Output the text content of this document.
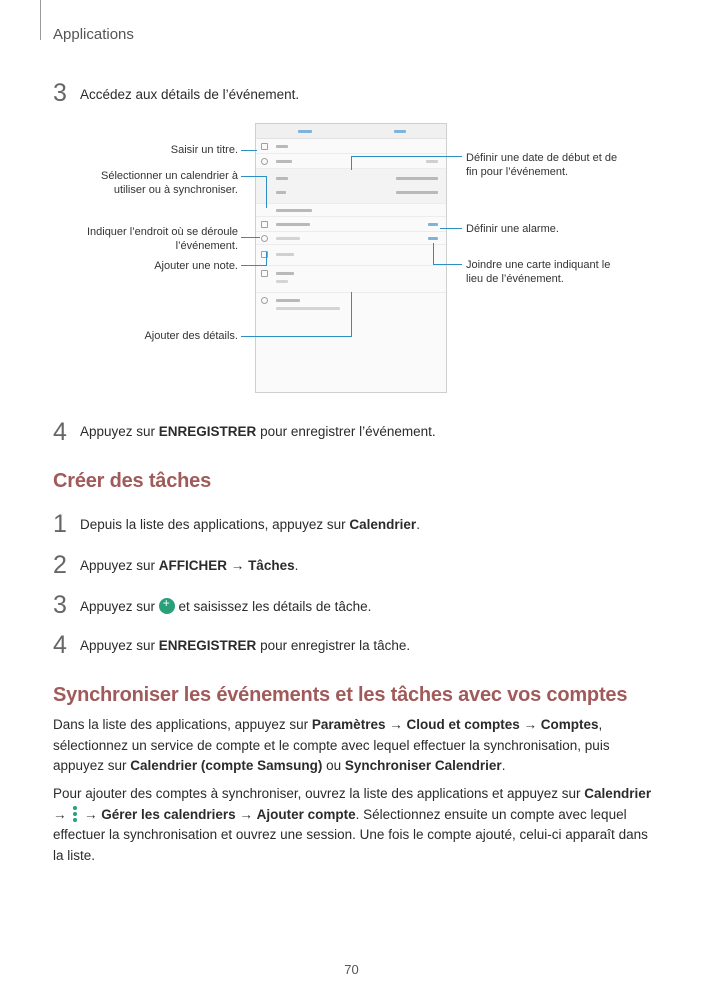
Applications
3 Accédez aux détails de l’événement.
Saisir un titre.
Sélectionner un calendrier à
utiliser ou à synchroniser.
Indiquer l’endroit où se déroule
l’événement.
Ajouter une note.
Ajouter des détails.
Définir une date de début et de
fin pour l’événement.
Définir une alarme.
Joindre une carte indiquant le
lieu de l’événement.
4 Appuyez sur ENREGISTRER pour enregistrer l’événement.
Créer des tâches
1 Depuis la liste des applications, appuyez sur Calendrier.
2 Appuyez sur AFFICHER → Tâches.
3 Appuyez sur + et saisissez les détails de tâche.
4 Appuyez sur ENREGISTRER pour enregistrer la tâche.
Synchroniser les événements et les tâches avec vos comptes
Dans la liste des applications, appuyez sur Paramètres → Cloud et comptes → Comptes, sélectionnez un service de compte et le compte avec lequel effectuer la synchronisation, puis appuyez sur Calendrier (compte Samsung) ou Synchroniser Calendrier.
Pour ajouter des comptes à synchroniser, ouvrez la liste des applications et appuyez sur Calendrier →
→ Gérer les calendriers → Ajouter compte. Sélectionnez ensuite un compte avec lequel effectuer la synchronisation et ouvrez une session. Une fois le compte ajouté, celui-ci apparaît dans la liste.
70
